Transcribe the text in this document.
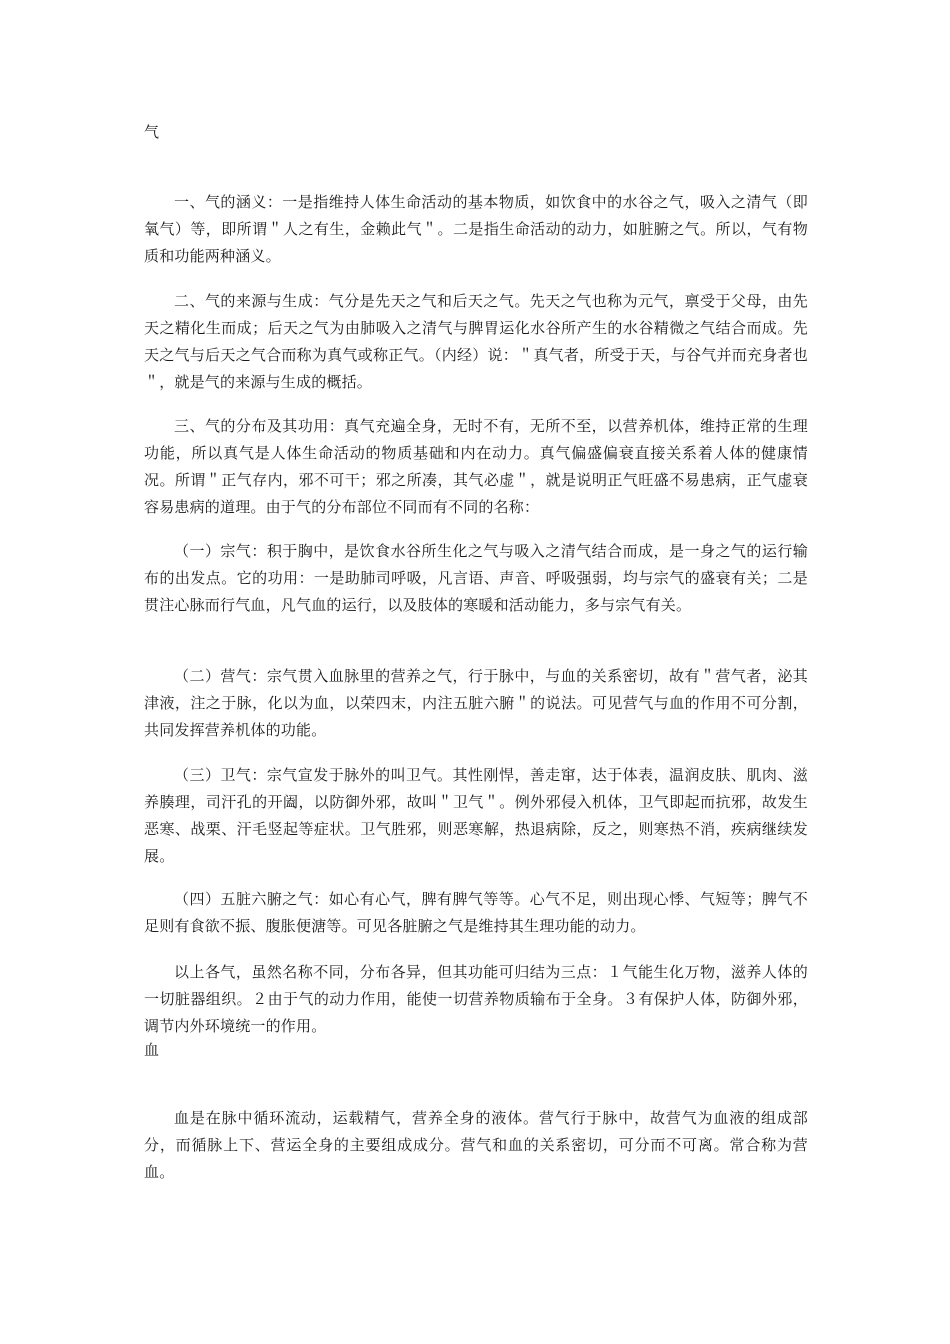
气

一、气的涵义：一是指维持人体生命活动的基本物质，如饮食中的水谷之气，吸入之清气（即氧气）等，即所谓＂人之有生，金赖此气＂。二是指生命活动的动力，如脏腑之气。所以，气有物质和功能两种涵义。

二、气的来源与生成：气分是先天之气和后天之气。先天之气也称为元气，禀受于父母，由先天之精化生而成；后天之气为由肺吸入之清气与脾胃运化水谷所产生的水谷精微之气结合而成。先天之气与后天之气合而称为真气或称正气。（内经）说：＂真气者，所受于天，与谷气并而充身者也＂，就是气的来源与生成的概括。

三、气的分布及其功用：真气充遍全身，无时不有，无所不至，以营养机体，维持正常的生理功能，所以真气是人体生命活动的物质基础和内在动力。真气偏盛偏衰直接关系着人体的健康情况。所谓＂正气存内，邪不可干；邪之所凑，其气必虚＂，就是说明正气旺盛不易患病，正气虚衰容易患病的道理。由于气的分布部位不同而有不同的名称：

（一）宗气：积于胸中，是饮食水谷所生化之气与吸入之清气结合而成，是一身之气的运行输布的出发点。它的功用：一是助肺司呼吸，凡言语、声音、呼吸强弱，均与宗气的盛衰有关；二是贯注心脉而行气血，凡气血的运行，以及肢体的寒暖和活动能力，多与宗气有关。

（二）营气：宗气贯入血脉里的营养之气，行于脉中，与血的关系密切，故有＂营气者，泌其津液，注之于脉，化以为血，以荣四末，内注五脏六腑＂的说法。可见营气与血的作用不可分割，共同发挥营养机体的功能。

（三）卫气：宗气宣发于脉外的叫卫气。其性刚悍，善走窜，达于体表，温润皮肤、肌肉、滋养腠理，司汗孔的开阖，以防御外邪，故叫＂卫气＂。例外邪侵入机体，卫气即起而抗邪，故发生恶寒、战栗、汗毛竖起等症状。卫气胜邪，则恶寒解，热退病除，反之，则寒热不消，疾病继续发展。

（四）五脏六腑之气：如心有心气，脾有脾气等等。心气不足，则出现心悸、气短等；脾气不足则有食欲不振、腹胀便溏等。可见各脏腑之气是维持其生理功能的动力。

以上各气，虽然名称不同，分布各异，但其功能可归结为三点：１气能生化万物，滋养人体的一切脏器组织。２由于气的动力作用，能使一切营养物质输布于全身。３有保护人体，防御外邪，调节内外环境统一的作用。

血

血是在脉中循环流动，运载精气，营养全身的液体。营气行于脉中，故营气为血液的组成部分，而循脉上下、营运全身的主要组成成分。营气和血的关系密切，可分而不可离。常合称为营血。
